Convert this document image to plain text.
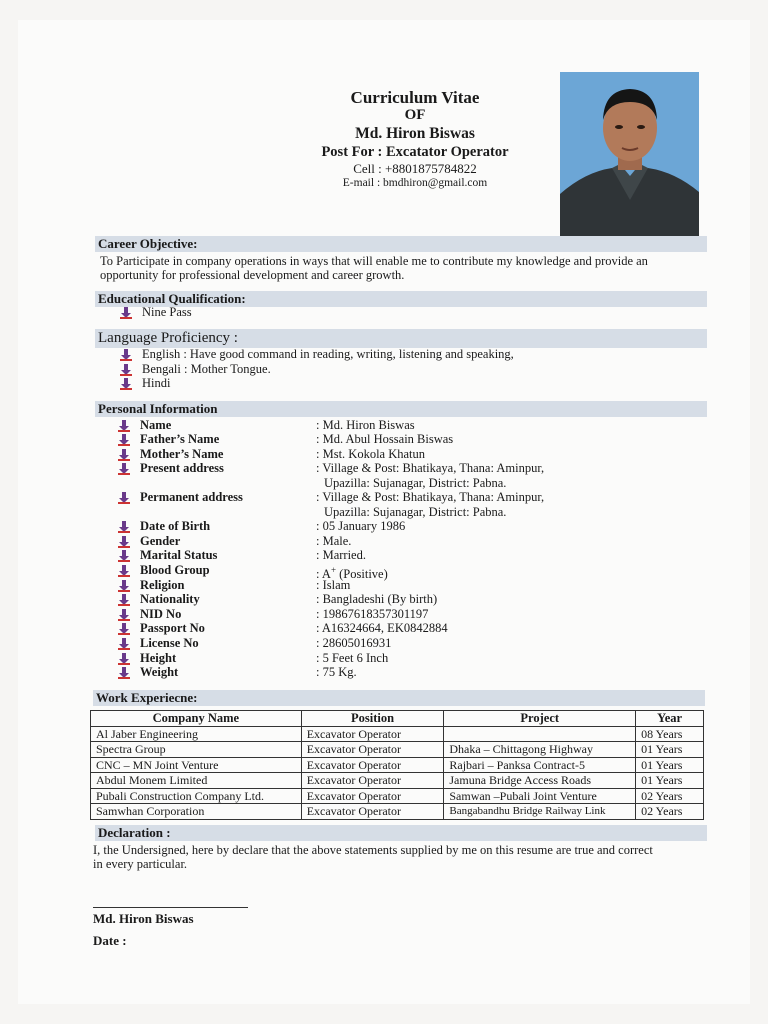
Curriculum Vitae
OF
Md. Hiron Biswas
Post For : Excatator Operator
Cell : +8801875784822
E-mail : bmdhiron@gmail.com
Career Objective:
To Participate in company operations in ways that will enable me to contribute my knowledge and provide an
opportunity for professional development and career growth.
Educational Qualification:
Nine Pass
Language Proficiency :
English : Have good command in reading, writing, listening and speaking,
Bengali : Mother Tongue.
Hindi
Personal Information
Name	: Md. Hiron Biswas
Father’s Name	: Md. Abul Hossain Biswas
Mother’s Name	: Mst. Kokola Khatun
Present address	: Village & Post: Bhatikaya, Thana: Aminpur,
Upazilla: Sujanagar, District: Pabna.
Permanent address	: Village & Post: Bhatikaya, Thana: Aminpur,
Upazilla: Sujanagar, District: Pabna.
Date of Birth	: 05 January 1986
Gender	: Male.
Marital Status	: Married.
Blood Group	: A+ (Positive)
Religion	: Islam
Nationality	: Bangladeshi (By birth)
NID No	: 19867618357301197
Passport No	: A16324664, EK0842884
License No	: 28605016931
Height	: 5 Feet 6 Inch
Weight	: 75 Kg.
Work Experiecne:
Company Name	Position	Project	Year
Al Jaber Engineering	Excavator Operator		08 Years
Spectra Group	Excavator Operator	Dhaka – Chittagong Highway	01 Years
CNC – MN Joint Venture	Excavator Operator	Rajbari – Panksa Contract-5	01 Years
Abdul Monem Limited	Excavator Operator	Jamuna Bridge Access Roads	01 Years
Pubali Construction Company Ltd.	Excavator Operator	Samwan –Pubali Joint Venture	02 Years
Samwhan Corporation	Excavator Operator	Bangabandhu Bridge Railway Link	02 Years
Declaration :
I, the Undersigned, here by declare that the above statements supplied by me on this resume are true and correct
in every particular.
Md. Hiron Biswas
Date :
